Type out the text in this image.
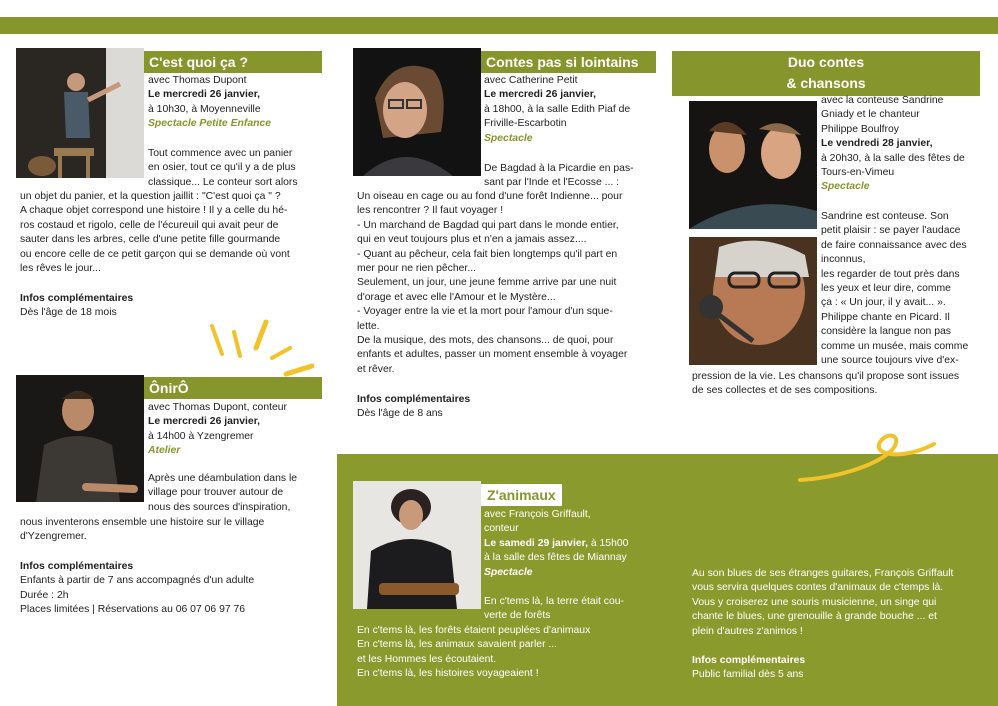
C'est quoi ça ?
avec Thomas Dupont
Le mercredi 26 janvier,
à 10h30, à Moyenneville
Spectacle Petite Enfance
Tout commence avec un panier
en osier, tout ce qu'il y a de plus
classique... Le conteur sort alors
un objet du panier, et la question jaillit : "C'est quoi ça " ?
A chaque objet correspond une histoire ! Il y a celle du hé-
ros costaud et rigolo, celle de l'écureuil qui avait peur de
sauter dans les arbres, celle d'une petite fille gourmande
ou encore celle de ce petit garçon qui se demande où vont
les rêves le jour...
Infos complémentaires
Dès l'âge de 18 mois
ÔnirÔ
avec Thomas Dupont, conteur
Le mercredi 26 janvier,
à 14h00 à Yzengremer
Atelier
Après une déambulation dans le
village pour trouver autour de
nous des sources d'inspiration,
nous inventerons ensemble une histoire sur le village
d'Yzengremer.
Infos complémentaires
Enfants à partir de 7 ans accompagnés d'un adulte
Durée : 2h
Places limitées | Réservations au 06 07 06 97 76
Contes pas si lointains
avec Catherine Petit
Le mercredi 26 janvier,
à 18h00, à la salle Edith Piaf de
Friville-Escarbotin
Spectacle
De Bagdad à la Picardie en pas-
sant par l'Inde et l'Ecosse ... :
Un oiseau en cage ou au fond d'une forêt Indienne... pour
les rencontrer ? Il faut voyager !
- Un marchand de Bagdad qui part dans le monde entier,
qui en veut toujours plus et n'en a jamais assez....
- Quant au pêcheur, cela fait bien longtemps qu'il part en
mer pour ne rien pêcher...
Seulement, un jour, une jeune femme arrive par une nuit
d'orage et avec elle l'Amour et le Mystère...
- Voyager entre la vie et la mort pour l'amour d'un sque-
lette.
De la musique, des mots, des chansons... de quoi, pour
enfants et adultes, passer un moment ensemble à voyager
et rêver.
Infos complémentaires
Dès l'âge de 8 ans
Z'animaux
avec François Griffault,
conteur
Le samedi 29 janvier, à 15h00
à la salle des fêtes de Miannay
Spectacle
En c'tems là, la terre était cou-
verte de forêts
En c'tems là, les forêts étaient peuplées d'animaux
En c'tems là, les animaux savaient parler ...
et les Hommes les écoutaient.
En c'tems là, les histoires voyageaient !
Duo contes
& chansons
avec la conteuse Sandrine
Gniady et le chanteur
Philippe Boulfroy
Le vendredi 28 janvier,
à 20h30, à la salle des fêtes de
Tours-en-Vimeu
Spectacle
Sandrine est conteuse. Son
petit plaisir : se payer l'audace
de faire connaissance avec des
inconnus,
les regarder de tout près dans
les yeux et leur dire, comme
ça : « Un jour, il y avait... ».
Philippe chante en Picard. Il
considère la langue non pas
comme un musée, mais comme
une source toujours vive d'ex-
pression de la vie. Les chansons qu'il propose sont issues
de ses collectes et de ses compositions.
Au son blues de ses étranges guitares, François Griffault
vous servira quelques contes d'animaux de c'temps là.
Vous y croiserez une souris musicienne, un singe qui
chante le blues, une grenouille à grande bouche ... et
plein d'autres z'animos !
Infos complémentaires
Public familial dès 5 ans
